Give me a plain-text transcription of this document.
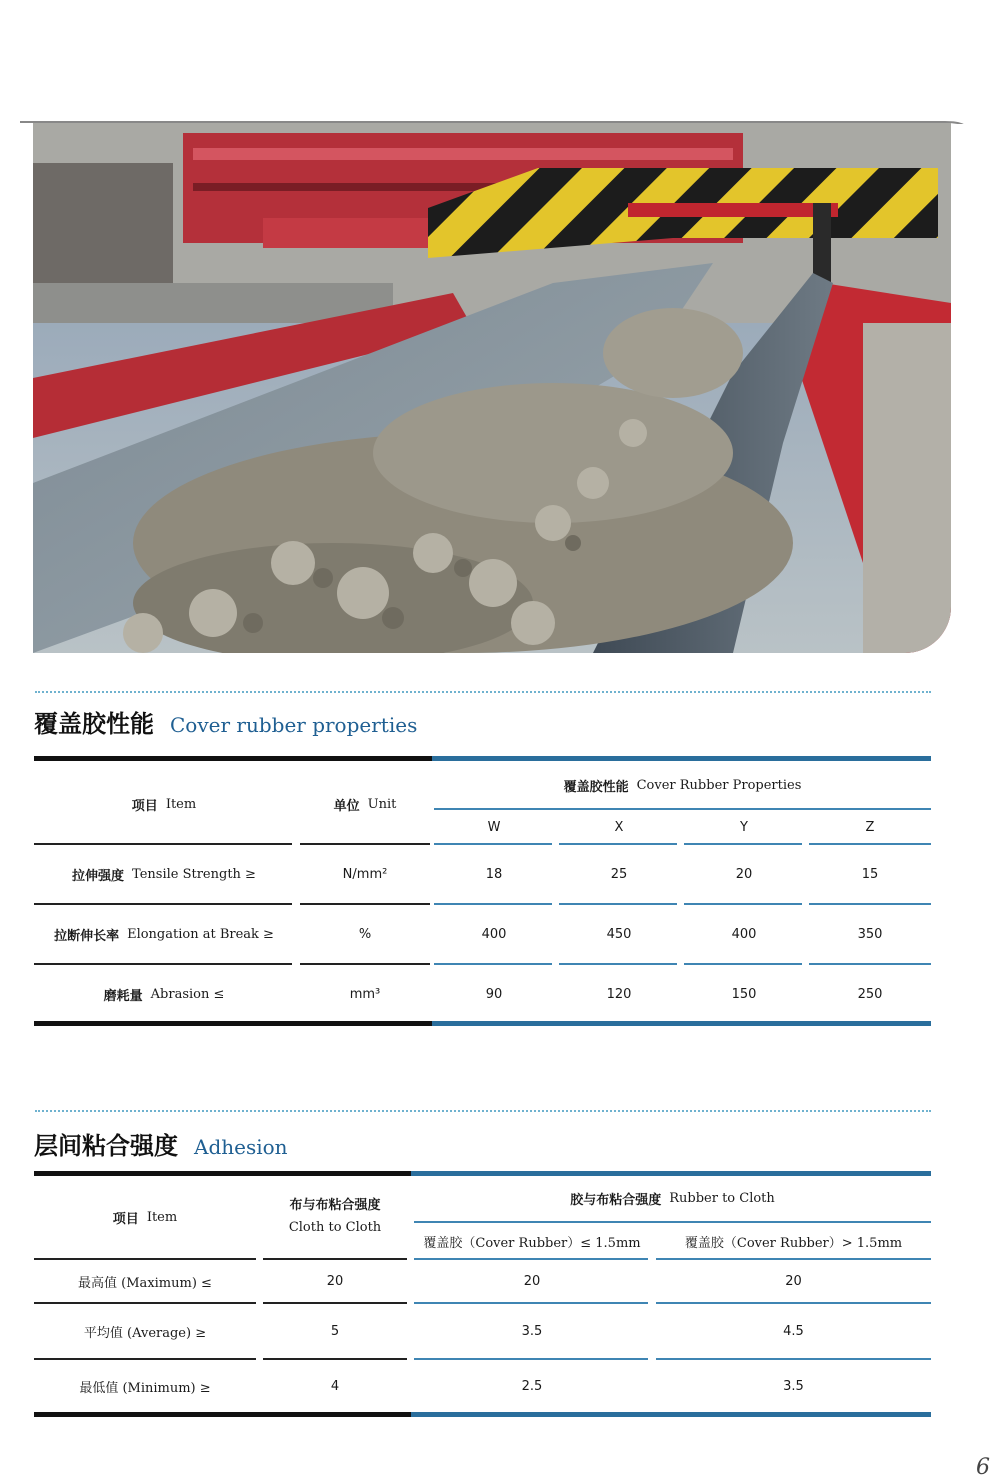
覆盖胶性能 Cover rubber properties
项目 Item	单位 Unit
覆盖胶性能 Cover Rubber Properties
W	X	Y	Z
拉伸强度 Tensile Strength ≥	N/mm²	18	25	20	15
拉断伸长率 Elongation at Break ≥	%	400	450	400	350
磨耗量 Abrasion ≤	mm³	90	120	150	250
层间粘合强度 Adhesion
项目 Item
布与布粘合强度
Cloth to Cloth
胶与布粘合强度 Rubber to Cloth
覆盖胶（Cover Rubber）≤ 1.5mm	覆盖胶（Cover Rubber）> 1.5mm
最高值 (Maximum) ≤	20	20	20
平均值 (Average) ≥	5	3.5	4.5
最低值 (Minimum) ≥	4	2.5	3.5
6
